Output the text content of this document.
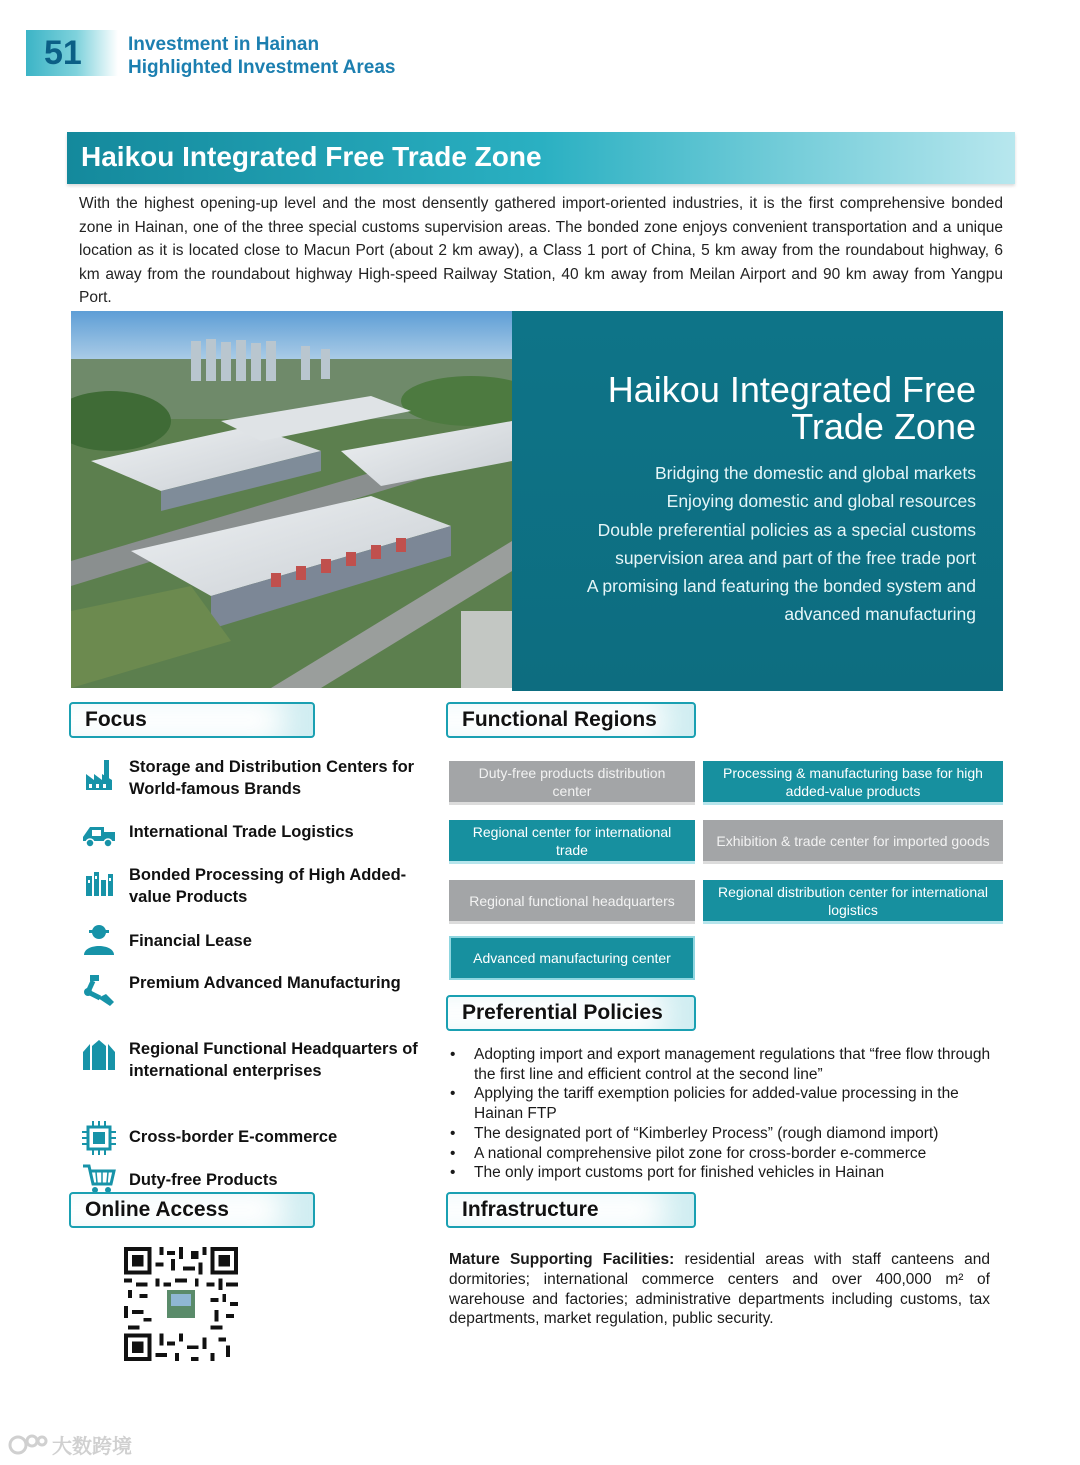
51	Investment in Hainan
Highlighted Investment Areas
Haikou Integrated Free Trade Zone

With the highest opening-up level and the most densently gathered import-oriented industries, it is the first comprehensive bonded zone in Hainan, one of the three special customs supervision areas. The bonded zone enjoys convenient transportation and a unique location as it is located close to Macun Port (about 2 km away), a Class 1 port of China, 5 km away from the roundabout highway, 6 km away from the roundabout highway High-speed Railway Station, 40 km away from Meilan Airport and 90 km away from Yangpu Port.

Haikou Integrated Free
Trade Zone

Bridging the domestic and global markets

Enjoying domestic and global resources

Double preferential policies as a special customs

supervision area and part of the free trade port

A promising land featuring the bonded system and

advanced manufacturing

Focus
Storage and Distribution Centers for World-famous Brands
International Trade Logistics
Bonded Processing of High Added-value Products
Financial Lease
Premium Advanced Manufacturing
Regional Functional Headquarters of international enterprises
Cross-border E-commerce
Duty-free Products
Online Access
Functional Regions
Duty-free products distribution center
Processing & manufacturing base for high added-value products
Regional center for international trade
Exhibition & trade center for imported goods
Regional functional headquarters
Regional distribution center for international logistics
Advanced manufacturing center
Preferential Policies
• Adopting import and export management regulations that “free flow through the first line and efficient control at the second line”
• Applying the tariff exemption policies for added-value processing in the Hainan FTP
• The designated port of “Kimberley Process” (rough diamond import)
• A national comprehensive pilot zone for cross-border e-commerce
• The only import customs port for finished vehicles in Hainan
Infrastructure

Mature Supporting Facilities: residential areas with staff canteens and dormitories; international commerce centers and over 400,000 m² of warehouse and factories; administrative departments including customs, tax departments, market regulation, public security.

大数跨境
